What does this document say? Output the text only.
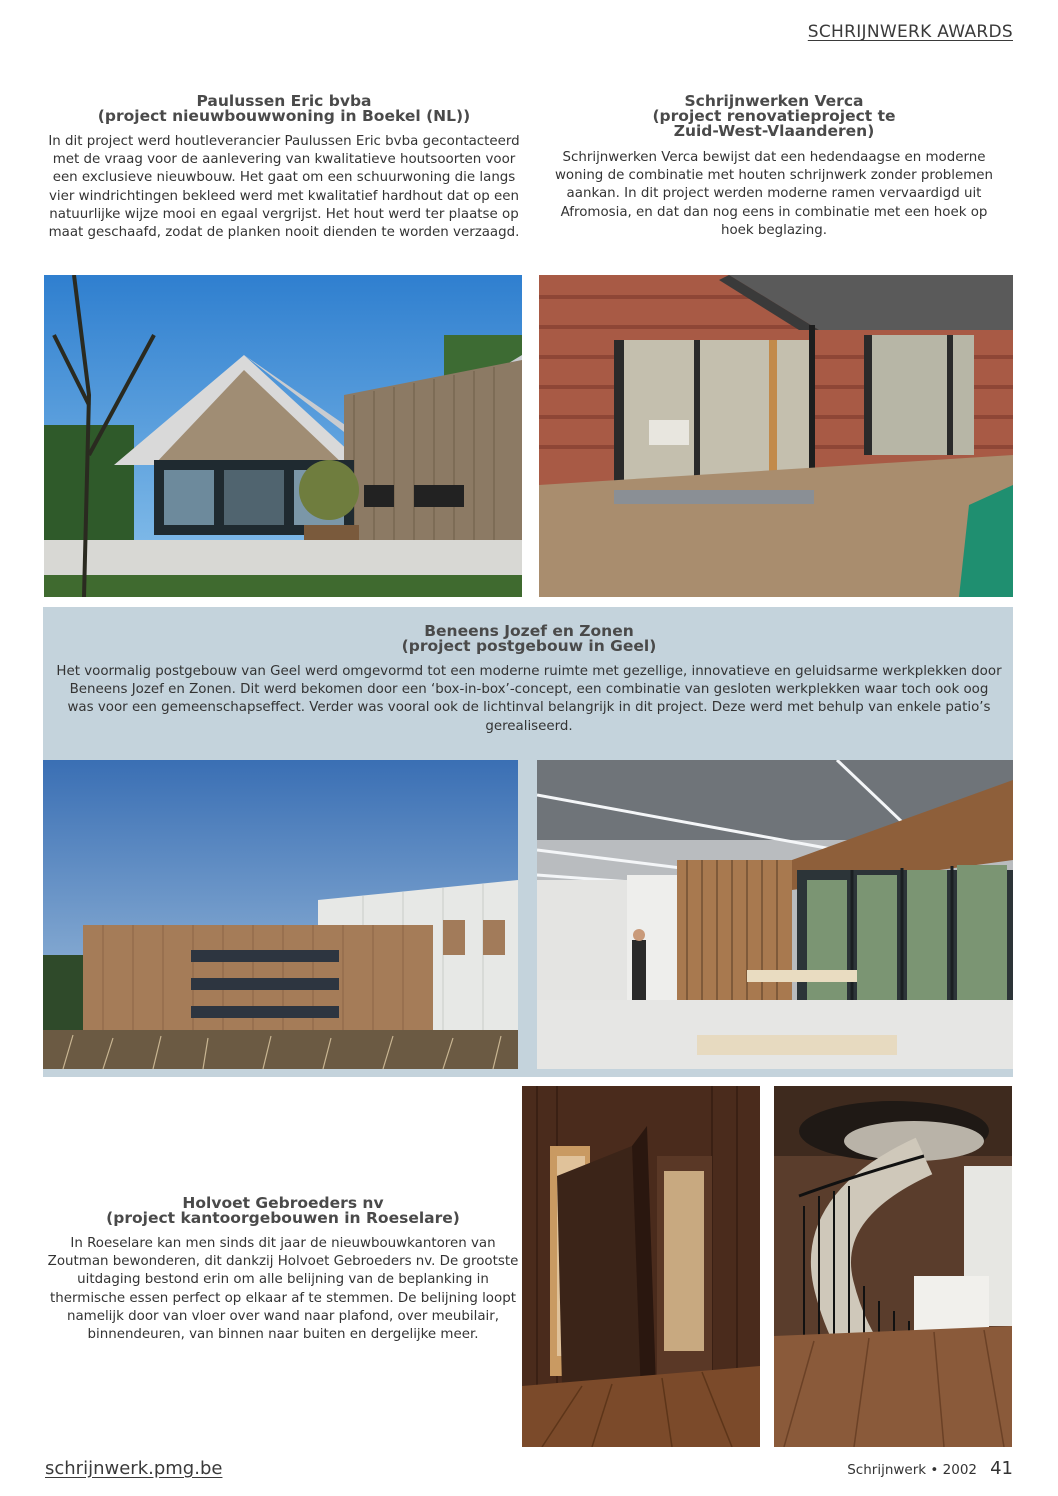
SCHRIJNWERK AWARDS
Paulussen Eric bvba
(project nieuwbouwwoning in Boekel (NL))

In dit project werd houtleverancier Paulussen Eric bvba gecontacteerd met de vraag voor de aanlevering van kwalitatieve houtsoorten voor een exclusieve nieuwbouw. Het gaat om een schuurwoning die langs vier windrichtingen bekleed werd met kwalitatief hardhout dat op een natuurlijke wijze mooi en egaal vergrijst. Het hout werd ter plaatse op maat geschaafd, zodat de planken nooit dienden te worden verzaagd.

Schrijnwerken Verca
(project renovatieproject te
Zuid-West-Vlaanderen)

Schrijnwerken Verca bewijst dat een hedendaagse en moderne woning de combinatie met houten schrijnwerk zonder problemen aankan. In dit project werden moderne ramen vervaardigd uit Afromosia, en dat dan nog eens in combinatie met een hoek op hoek beglazing.

Beneens Jozef en Zonen
(project postgebouw in Geel)

Het voormalig postgebouw van Geel werd omgevormd tot een moderne ruimte met gezellige, innovatieve en geluidsarme werkplekken door Beneens Jozef en Zonen. Dit werd bekomen door een ‘box-in-box’-concept, een combinatie van gesloten werkplekken waar toch ook oog was voor een gemeenschapseffect. Verder was vooral ook de lichtinval belangrijk in dit project. Deze werd met behulp van enkele patio’s gerealiseerd.

Holvoet Gebroeders nv
(project kantoorgebouwen in Roeselare)

In Roeselare kan men sinds dit jaar de nieuwbouwkantoren van Zoutman bewonderen, dit dankzij Holvoet Gebroeders nv. De grootste uitdaging bestond erin om alle belijning van de beplanking in thermische essen perfect op elkaar af te stemmen. De belijning loopt namelijk door van vloer over wand naar plafond, over meubilair, binnendeuren, van binnen naar buiten en dergelijke meer.

schrijnwerk.pmg.be	Schrijnwerk • 2002 41
